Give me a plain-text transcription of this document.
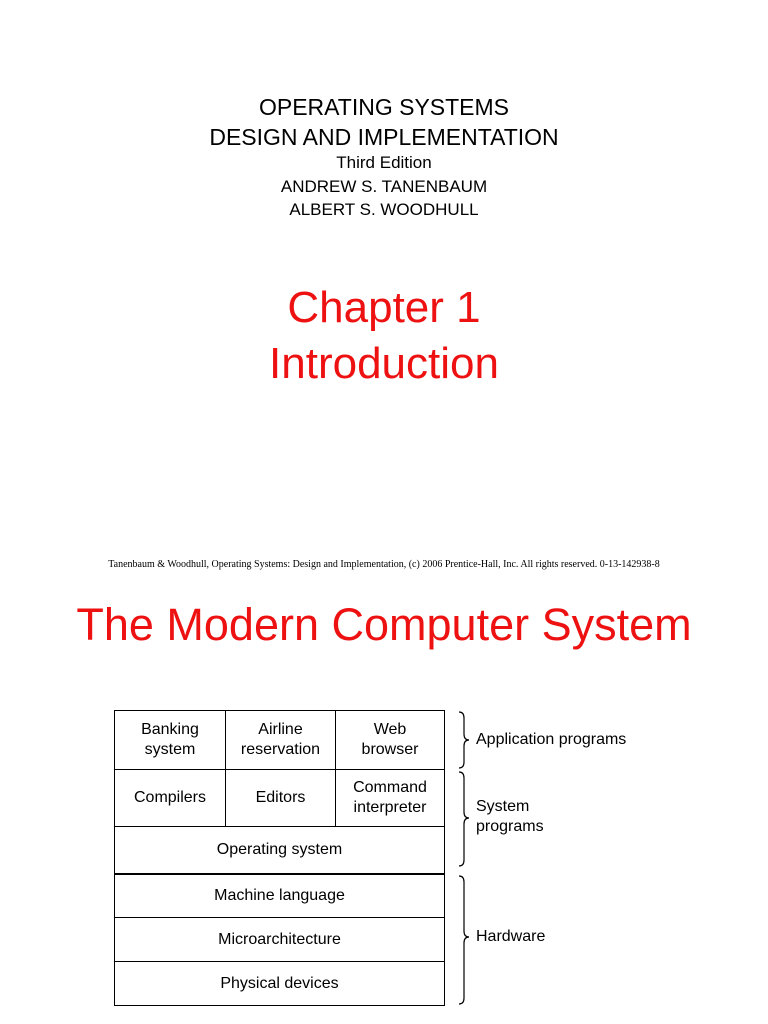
OPERATING SYSTEMS
DESIGN AND IMPLEMENTATION
Third Edition
ANDREW S. TANENBAUM
ALBERT S. WOODHULL
Chapter 1
Introduction
Tanenbaum & Woodhull, Operating Systems: Design and Implementation, (c) 2006 Prentice-Hall, Inc. All rights reserved. 0-13-142938-8
The Modern Computer System
Banking
system
Airline
reservation
Web
browser
Compilers	Editors
Command
interpreter
Operating system
Machine language
Microarchitecture
Physical devices
Application programs
System
programs
Hardware
